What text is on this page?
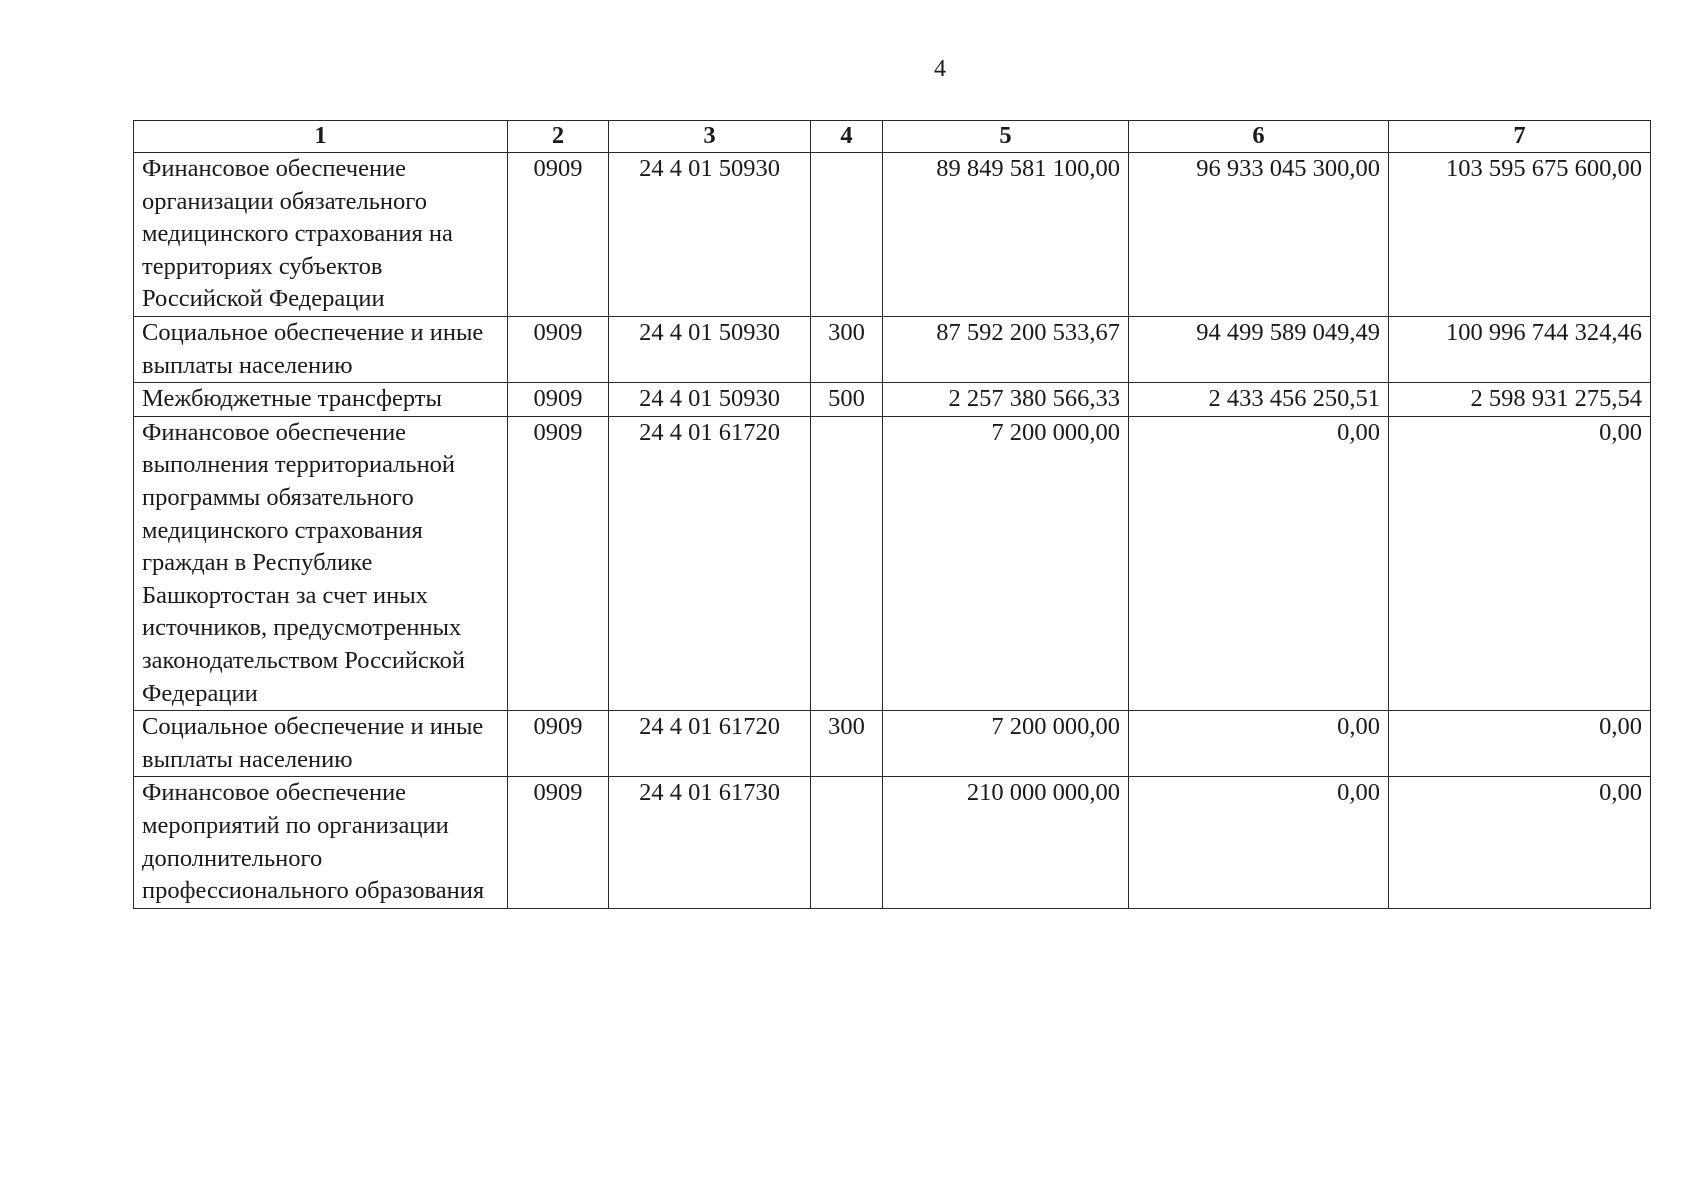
4
1	2	3	4	5	6	7
Финансовое обеспечение организации обязательного медицинского страхования на территориях субъектов Российской Федерации	0909	24 4 01 50930		89 849 581 100,00	96 933 045 300,00	103 595 675 600,00
Социальное обеспечение и иные выплаты населению	0909	24 4 01 50930	300	87 592 200 533,67	94 499 589 049,49	100 996 744 324,46
Межбюджетные трансферты	0909	24 4 01 50930	500	2 257 380 566,33	2 433 456 250,51	2 598 931 275,54
Финансовое обеспечение выполнения территориальной программы обязательного медицинского страхования граждан в Республике Башкортостан за счет иных источников, предусмотренных законодательством Российской Федерации	0909	24 4 01 61720		7 200 000,00	0,00	0,00
Социальное обеспечение и иные выплаты населению	0909	24 4 01 61720	300	7 200 000,00	0,00	0,00
Финансовое обеспечение мероприятий по организации дополнительного профессионального образования	0909	24 4 01 61730		210 000 000,00	0,00	0,00
